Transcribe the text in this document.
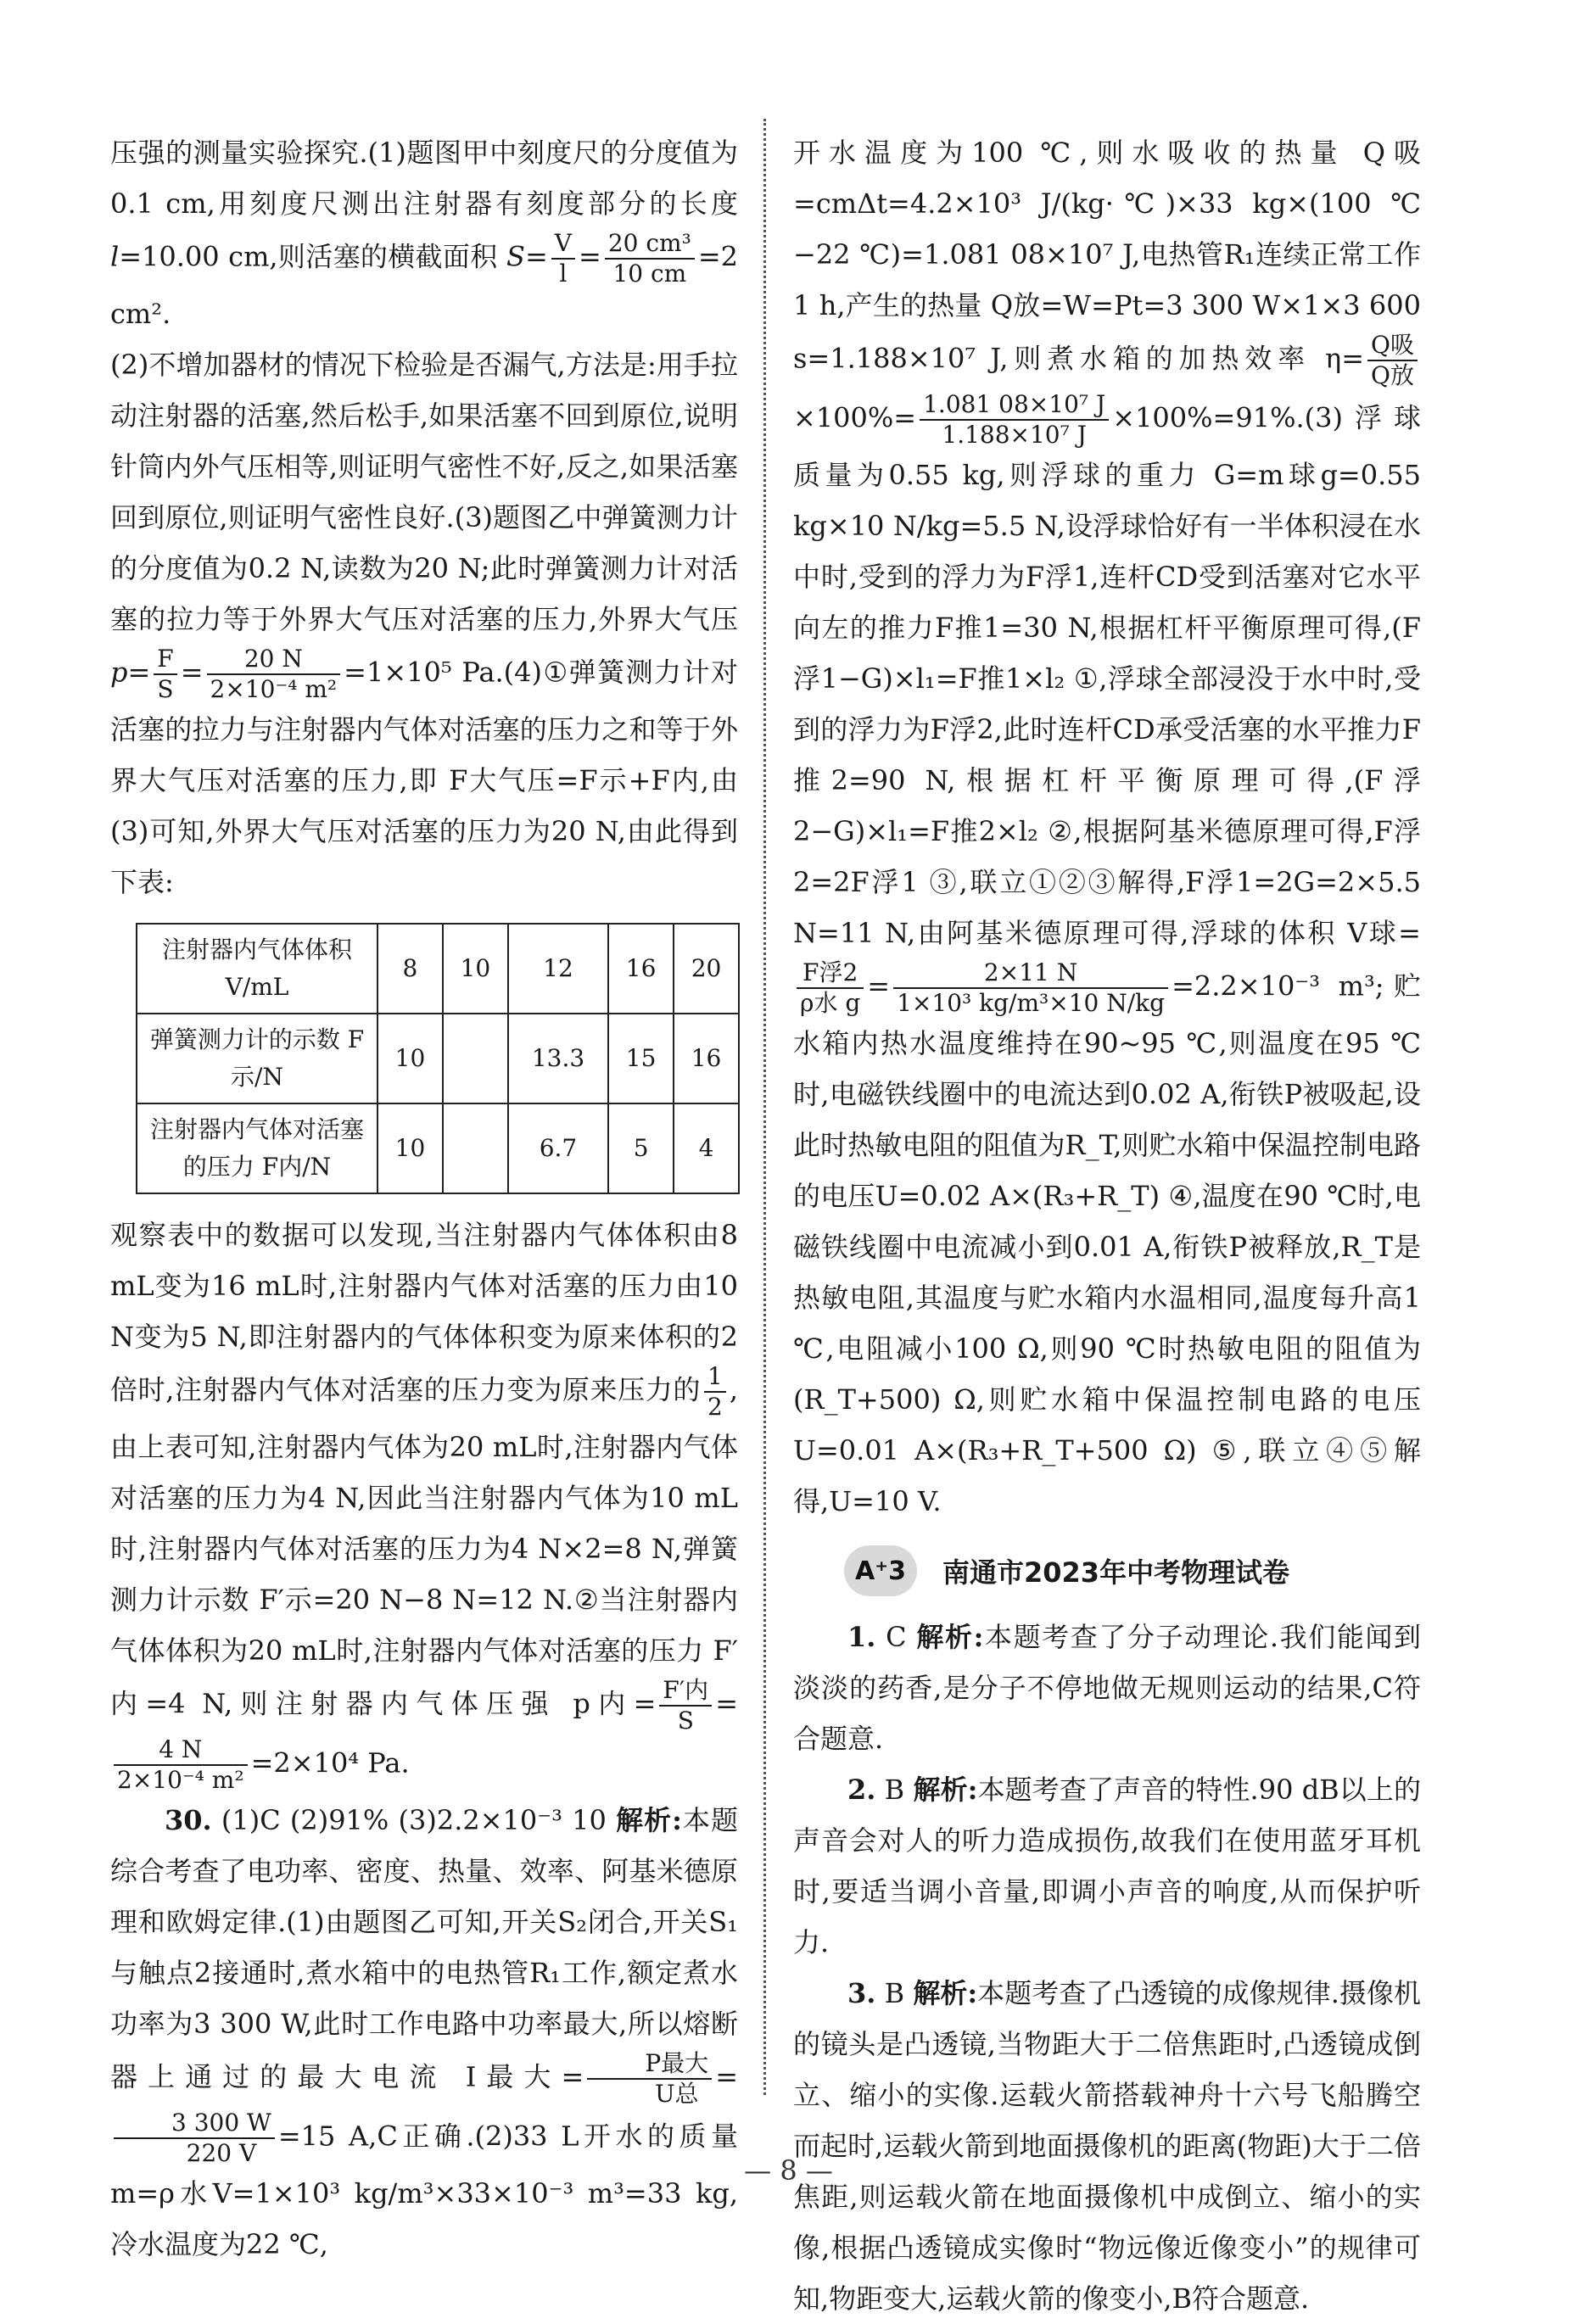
压强的测量实验探究.(1)题图甲中刻度尺的分度值为0.1 cm,用刻度尺测出注射器有刻度部分的长度 l=10.00 cm,则活塞的横截面积 $S= \frac{V}{l} = \frac{\text{20 cm³}}{10 cm} =2$ cm².

(2)不增加器材的情况下检验是否漏气,方法是:用手拉动注射器的活塞,然后松手,如果活塞不回到原位,说明针筒内外气压相等,则证明气密性不好,反之,如果活塞回到原位,则证明气密性良好.(3)题图乙中弹簧测力计的分度值为0.2 N,读数为20 N;此时弹簧测力计对活塞的拉力等于外界大气压对活塞的压力,外界大气压 $p= \frac{F}{S} = \frac{20 N}{\text{2×10⁻⁴ m²}} =1\times 10^5$ Pa.(4)①弹簧测力计对活塞的拉力与注射器内气体对活塞的压力之和等于外界大气压对活塞的压力,即 F大气压=F示+F内,由(3)可知,外界大气压对活塞的压力为20 N,由此得到下表:

注射器内气体体积 V/mL	8	10	12	16	20
弹簧测力计的示数 F示/N	10		13.3	15	16
注射器内气体对活塞的压力 F内/N	10		6.7	5	4

观察表中的数据可以发现,当注射器内气体体积由8 mL变为16 mL时,注射器内气体对活塞的压力由10 N变为5 N,即注射器内的气体体积变为原来体积的2倍时,注射器内气体对活塞的压力变为原来压力的 $\frac{1}{2}$ ,由上表可知,注射器内气体为20 mL时,注射器内气体对活塞的压力为4 N,因此当注射器内气体为10 mL时,注射器内气体对活塞的压力为4 N×2=8 N,弹簧测力计示数 F′示=20 N−8 N=12 N.②当注射器内气体体积为20 mL时,注射器内气体对活塞的压力 F′内=4 N,则注射器内气体压强 p内= $\frac{\text{F′内}}{S}$ =
$\frac{4 N}{\text{2×10⁻⁴ m²}} =2\times 10^4$ Pa.

30. (1)C (2)91% (3)2.2×10⁻³ 10 解析:本题综合考查了电功率、密度、热量、效率、阿基米德原理和欧姆定律.(1)由题图乙可知,开关S₂闭合,开关S₁与触点2接通时,煮水箱中的电热管R₁工作,额定煮水功率为3 300 W,此时工作电路中功率最大,所以熔断器上通过的最大电流 I最大= $\frac{\text{P最大}}{\text{U总}}$ =
$\frac{3 300 W}{220 V} =15$ A,C正确.(2)33 L开水的质量 m=ρ水V=1×10³ kg/m³×33×10⁻³ m³=33 kg,冷水温度为22 ℃,

开水温度为100 ℃,则水吸收的热量 Q吸=cmΔt=4.2×10³ J/(kg·℃)×33 kg×(100 ℃−22 ℃)=1.081 08×10⁷ J,电热管R₁连续正常工作1 h,产生的热量 Q放=W=Pt=3 300 W×1×3 600 s=1.188×10⁷ J,则煮水箱的加热效率 $\eta= \frac{\text{Q吸}}{\text{Q放}}$
$\times 100\%= \frac{\text{1.081 08×10⁷ J}}{\text{1.188×10⁷ J}} \times 100\%=91\%.(3)$浮球质量为0.55 kg,则浮球的重力 G=m球g=0.55 kg×10 N/kg=5.5 N,设浮球恰好有一半体积浸在水中时,受到的浮力为F浮1,连杆CD受到活塞对它水平向左的推力F推1=30 N,根据杠杆平衡原理可得,(F浮1−G)×l₁=F推1×l₂ ①,浮球全部浸没于水中时,受到的浮力为F浮2,此时连杆CD承受活塞的水平推力F推2=90 N,根据杠杆平衡原理可得,(F浮2−G)×l₁=F推2×l₂ ②,根据阿基米德原理可得,F浮2=2F浮1 ③,联立①②③解得,F浮1=2G=2×5.5 N=11 N,由阿基米德原理可得,浮球的体积 V球=
$\frac{\text{F浮2}}{\text{ρ水 g}} = \frac{2\times 11 N}{\text{1×10³ kg/m³×10 N/kg}} =2.2\times 10^{-3}$ m³;贮水箱内热水温度维持在90~95 ℃,则温度在95 ℃时,电磁铁线圈中的电流达到0.02 A,衔铁P被吸起,设此时热敏电阻的阻值为R_T,则贮水箱中保温控制电路的电压U=0.02 A×(R₃+R_T) ④,温度在90 ℃时,电磁铁线圈中电流减小到0.01 A,衔铁P被释放,R_T是热敏电阻,其温度与贮水箱内水温相同,温度每升高1 ℃,电阻减小100 Ω,则90 ℃时热敏电阻的阻值为(R_T+500) Ω,则贮水箱中保温控制电路的电压U=0.01 A×(R₃+R_T+500 Ω) ⑤,联立④⑤解得,U=10 V.

A⁺3	南通市2023年中考物理试卷

1. C 解析:本题考查了分子动理论.我们能闻到淡淡的药香,是分子不停地做无规则运动的结果,C符合题意.

2. B 解析:本题考查了声音的特性.90 dB以上的声音会对人的听力造成损伤,故我们在使用蓝牙耳机时,要适当调小音量,即调小声音的响度,从而保护听力.

3. B 解析:本题考查了凸透镜的成像规律.摄像机的镜头是凸透镜,当物距大于二倍焦距时,凸透镜成倒立、缩小的实像.运载火箭搭载神舟十六号飞船腾空而起时,运载火箭到地面摄像机的距离(物距)大于二倍焦距,则运载火箭在地面摄像机中成倒立、缩小的实像,根据凸透镜成实像时“物远像近像变小”的规律可知,物距变大,运载火箭的像变小,B符合题意.

— 8 —
